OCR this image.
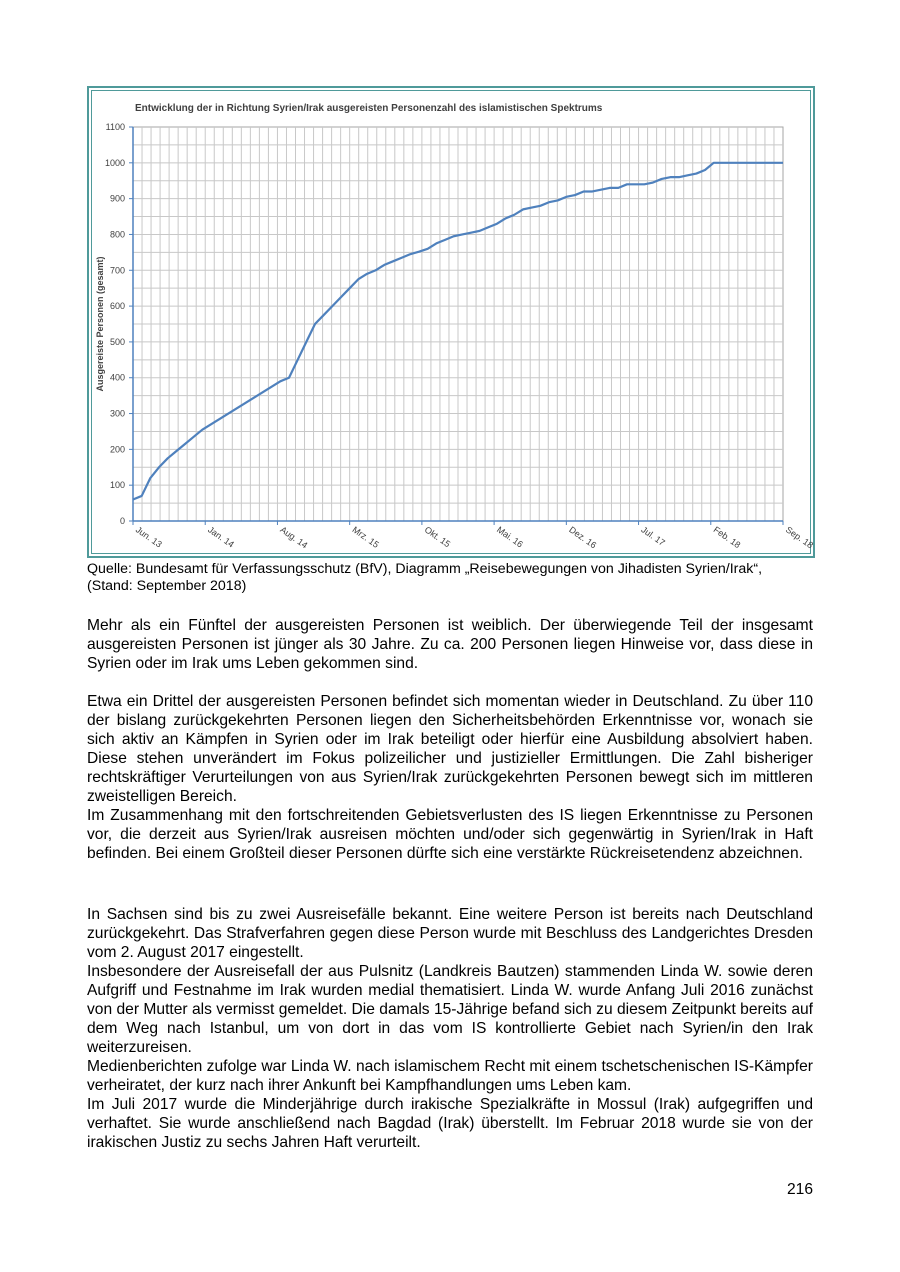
0
100
200
300
400
500
600
700
800
900
1000
1100
Jun. 13	Jan. 14	Aug. 14	Mrz. 15	Okt. 15	Mai. 16	Dez. 16	Jul. 17	Feb. 18	Sep. 18
Entwicklung der in Richtung Syrien/Irak ausgereisten Personenzahl des islamistischen Spektrums
Ausgereiste Personen (gesamt)

Quelle: Bundesamt für Verfassungsschutz (BfV), Diagramm „Reisebewegungen von Jihadisten Syrien/Irak“,
(Stand: September 2018)

Mehr als ein Fünftel der ausgereisten Personen ist weiblich. Der überwiegende Teil der insgesamt ausgereisten Personen ist jünger als 30 Jahre. Zu ca. 200 Personen liegen Hinweise vor, dass diese in Syrien oder im Irak ums Leben gekommen sind.

Etwa ein Drittel der ausgereisten Personen befindet sich momentan wieder in Deutschland. Zu über 110 der bislang zurückgekehrten Personen liegen den Sicherheitsbehörden Erkenntnisse vor, wonach sie sich aktiv an Kämpfen in Syrien oder im Irak beteiligt oder hierfür eine Ausbildung absolviert haben. Diese stehen unverändert im Fokus polizeilicher und justizieller Ermittlungen. Die Zahl bisheriger rechtskräftiger Verurteilungen von aus Syrien/Irak zurückgekehrten Personen bewegt sich im mittleren zweistelligen Bereich.

Im Zusammenhang mit den fortschreitenden Gebietsverlusten des IS liegen Erkenntnisse zu Personen vor, die derzeit aus Syrien/Irak ausreisen möchten und/oder sich gegenwärtig in Syrien/Irak in Haft befinden. Bei einem Großteil dieser Personen dürfte sich eine verstärkte Rückreisetendenz abzeichnen.

In Sachsen sind bis zu zwei Ausreisefälle bekannt. Eine weitere Person ist bereits nach Deutschland zurückgekehrt. Das Strafverfahren gegen diese Person wurde mit Beschluss des Landgerichtes Dresden vom 2. August 2017 eingestellt.

Insbesondere der Ausreisefall der aus Pulsnitz (Landkreis Bautzen) stammenden Linda W. sowie deren Aufgriff und Festnahme im Irak wurden medial thematisiert. Linda W. wurde Anfang Juli 2016 zunächst von der Mutter als vermisst gemeldet. Die damals 15-Jährige befand sich zu diesem Zeitpunkt bereits auf dem Weg nach Istanbul, um von dort in das vom IS kontrollierte Gebiet nach Syrien/in den Irak weiterzureisen.

Medienberichten zufolge war Linda W. nach islamischem Recht mit einem tschetschenischen IS-Kämpfer verheiratet, der kurz nach ihrer Ankunft bei Kampfhandlungen ums Leben kam.

Im Juli 2017 wurde die Minderjährige durch irakische Spezialkräfte in Mossul (Irak) aufgegriffen und verhaftet. Sie wurde anschließend nach Bagdad (Irak) überstellt. Im Februar 2018 wurde sie von der irakischen Justiz zu sechs Jahren Haft verurteilt.

216
